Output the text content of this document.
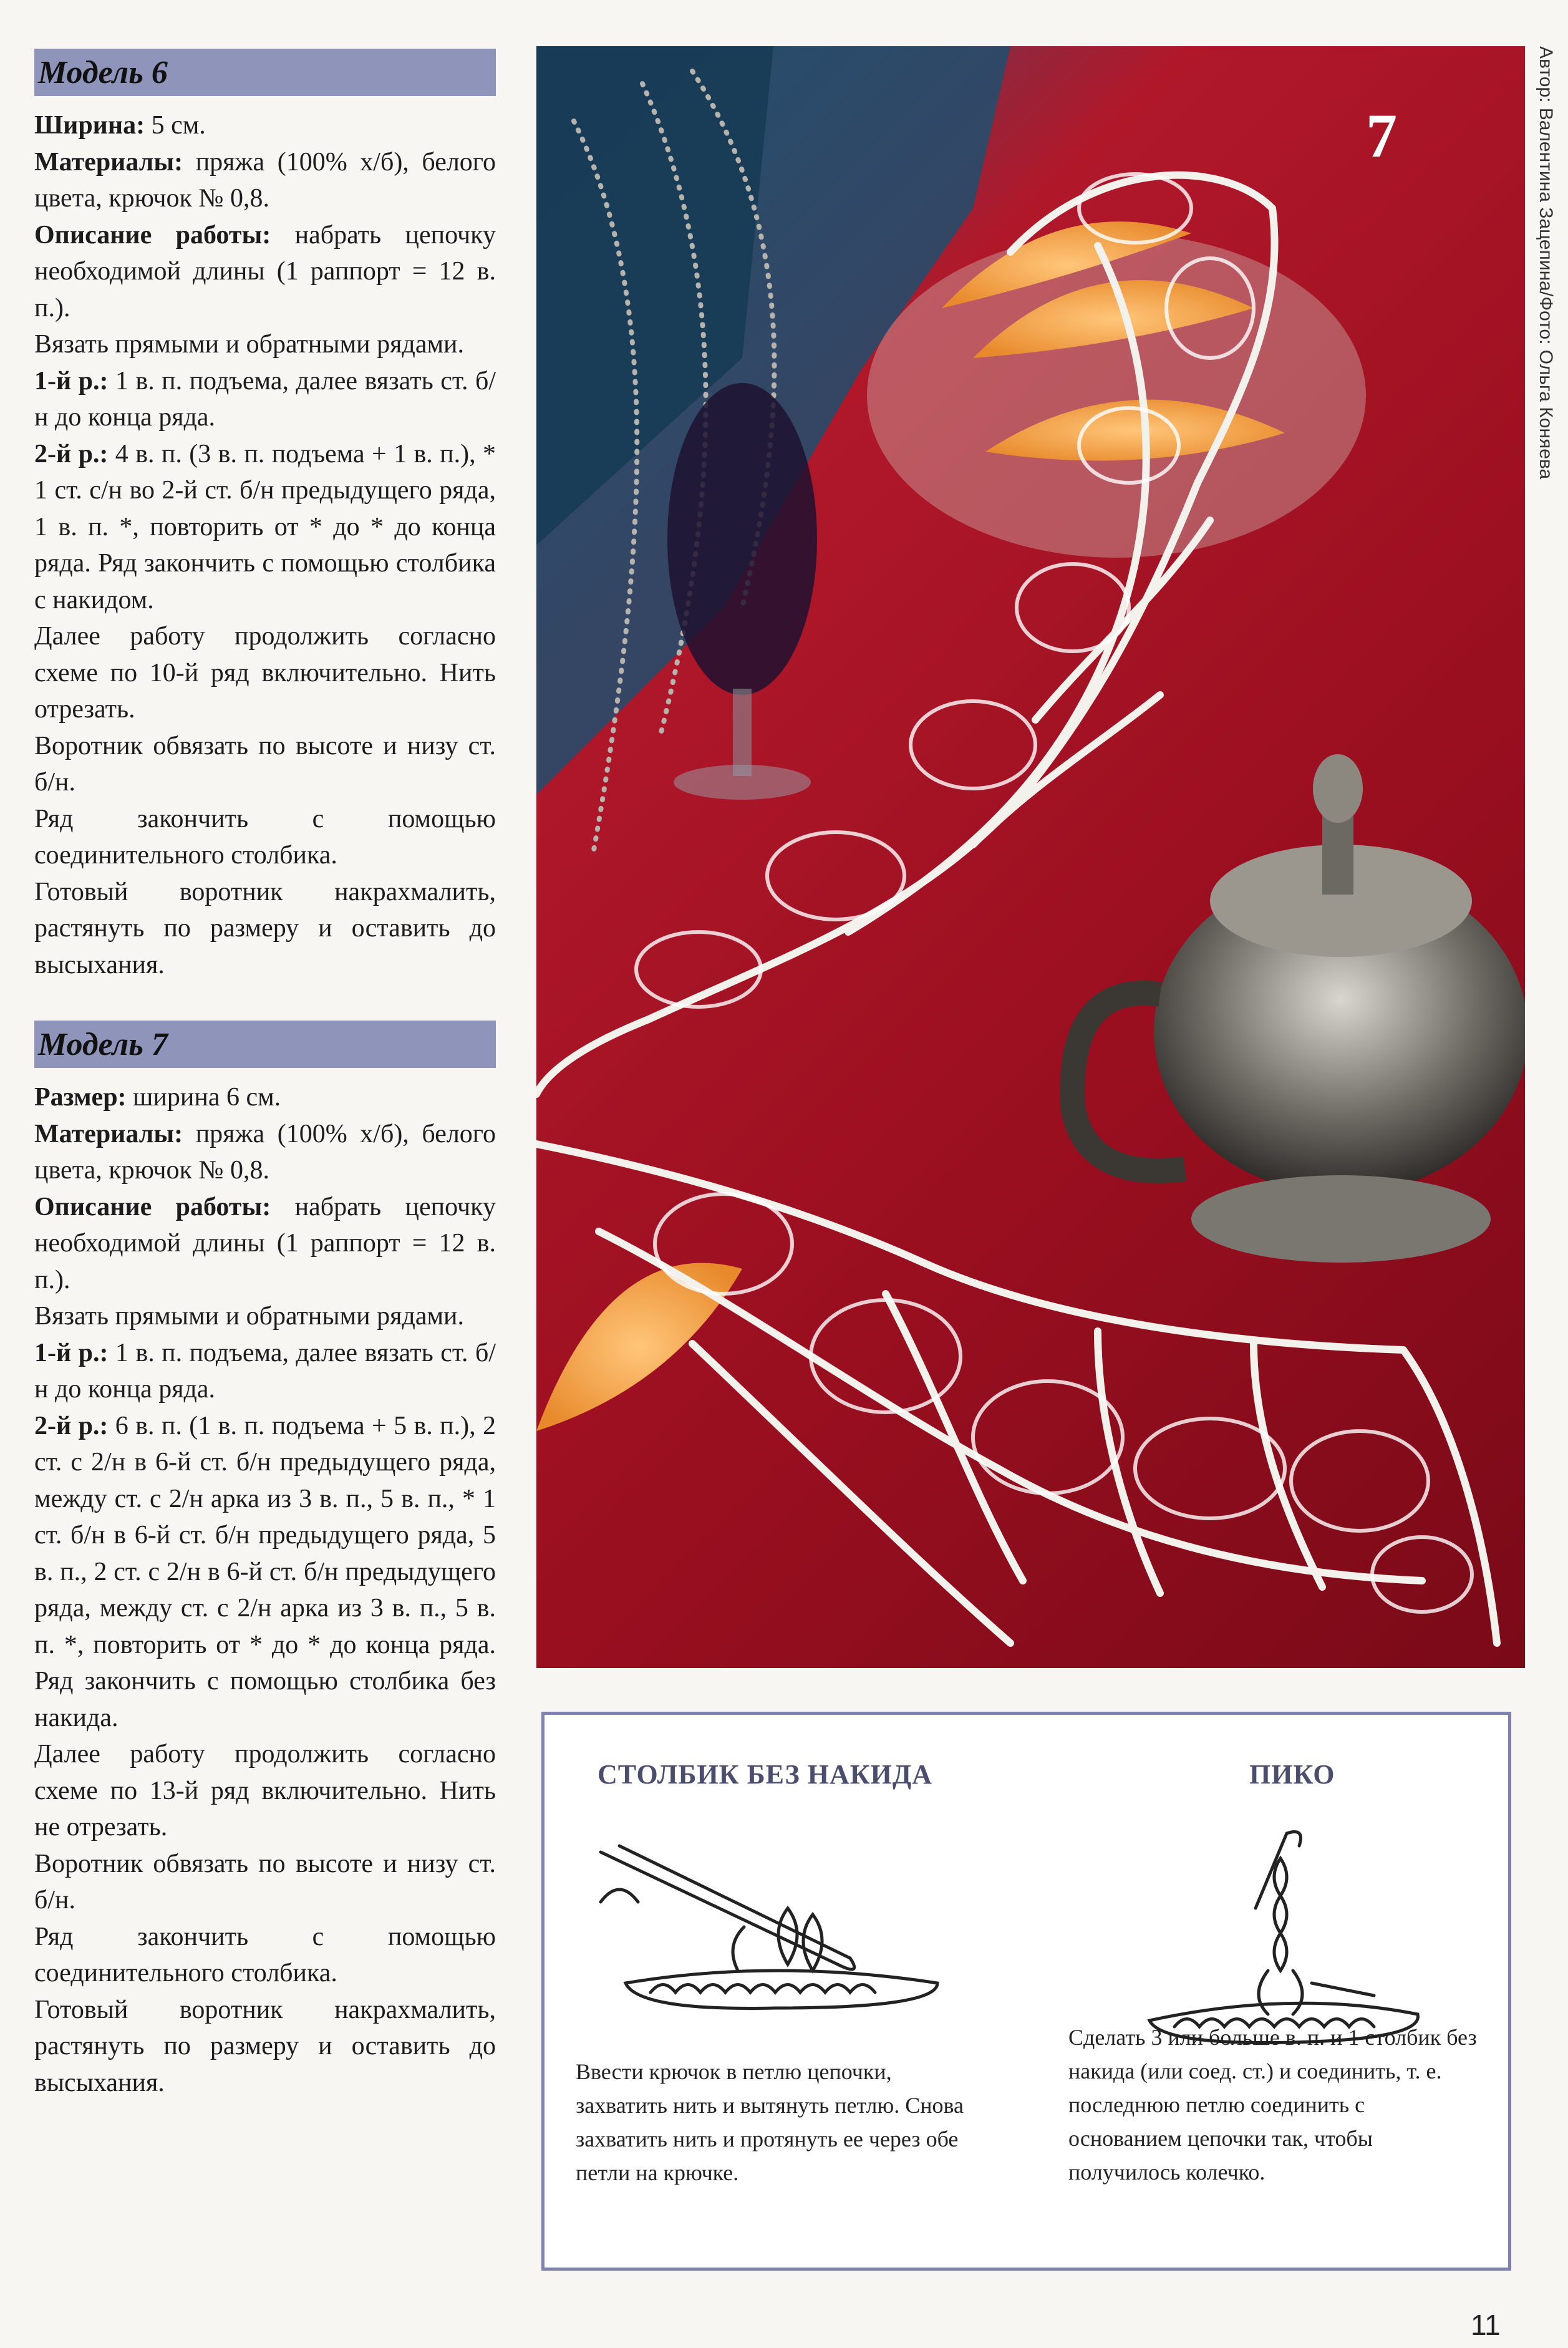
Модель 6

Ширина: 5 см.

Материалы: пряжа (100% х/б), белого цвета, крючок № 0,8.

Описание работы: набрать цепочку необходимой длины (1 раппорт = 12 в. п.).

Вязать прямыми и обратными рядами.

1-й р.: 1 в. п. подъема, далее вязать ст. б/н до конца ряда.

2-й р.: 4 в. п. (3 в. п. подъема + 1 в. п.), * 1 ст. с/н во 2-й ст. б/н предыдущего ряда, 1 в. п. *, повторить от * до * до конца ряда. Ряд закончить с помощью столбика с накидом.

Далее работу продолжить согласно схеме по 10-й ряд включительно. Нить отрезать.

Воротник обвязать по высоте и низу ст. б/н.

Ряд закончить с помощью соединительного столбика.

Готовый воротник накрахмалить, растянуть по размеру и оставить до высыхания.

Модель 7

Размер: ширина 6 см.

Материалы: пряжа (100% х/б), белого цвета, крючок № 0,8.

Описание работы: набрать цепочку необходимой длины (1 раппорт = 12 в. п.).

Вязать прямыми и обратными рядами.

1-й р.: 1 в. п. подъема, далее вязать ст. б/н до конца ряда.

2-й р.: 6 в. п. (1 в. п. подъема + 5 в. п.), 2 ст. с 2/н в 6-й ст. б/н предыдущего ряда, между ст. с 2/н арка из 3 в. п., 5 в. п., * 1 ст. б/н в 6-й ст. б/н предыдущего ряда, 5 в. п., 2 ст. с 2/н в 6-й ст. б/н предыдущего ряда, между ст. с 2/н арка из 3 в. п., 5 в. п. *, повторить от * до * до конца ряда. Ряд закончить с помощью столбика без накида.

Далее работу продолжить согласно схеме по 13-й ряд включительно. Нить не отрезать.

Воротник обвязать по высоте и низу ст. б/н.

Ряд закончить с помощью соединительного столбика.

Готовый воротник накрахмалить, растянуть по размеру и оставить до высыхания.

7	Автор: Валентина Зацепина/Фото: Ольга Коняева
СТОЛБИК БЕЗ НАКИДА	ПИКО
Ввести крючок в петлю цепочки, захватить нить и вытянуть петлю. Снова захватить нить и протянуть ее через обе петли на крючке.
Сделать 3 или больше в. п. и 1 столбик без накида (или соед. ст.) и соединить, т. е. последнюю петлю соединить с основанием цепочки так, чтобы получилось колечко.
11
